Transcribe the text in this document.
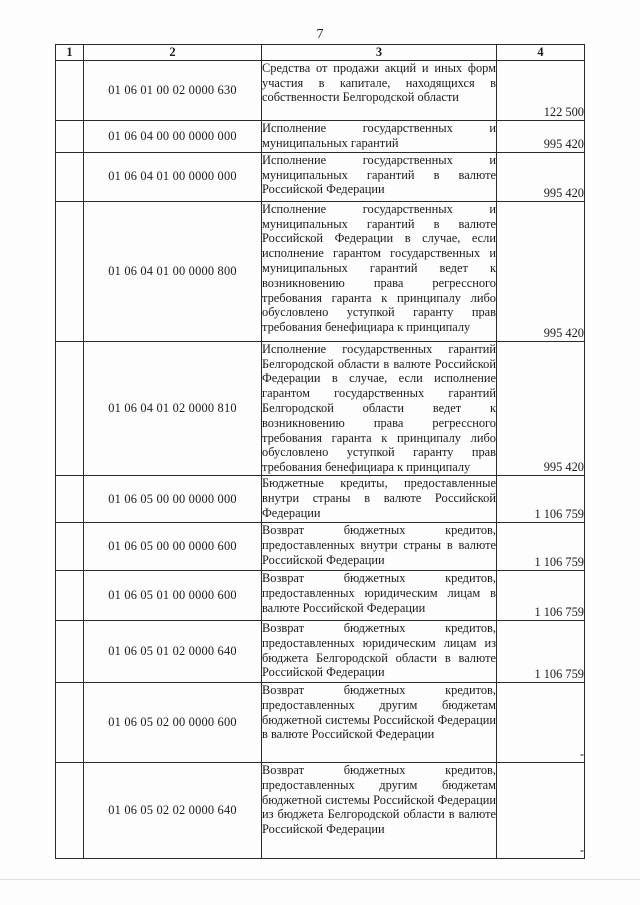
7
1	2	3	4
	01 06 01 00 02 0000 630	Средства от продажи акций и иных форм участия в капитале, находящихся в собственности Белгородской области	122 500
	01 06 04 00 00 0000 000	Исполнение государственных и муниципальных гарантий	995 420
	01 06 04 01 00 0000 000	Исполнение государственных и муниципальных гарантий в валюте Российской Федерации	995 420
	01 06 04 01 00 0000 800	Исполнение государственных и муниципальных гарантий в валюте Российской Федерации в случае, если исполнение гарантом государственных и муниципальных гарантий ведет к возникновению права регрессного требования гаранта к принципалу либо обусловлено уступкой гаранту прав требования бенефициара к принципалу	995 420
	01 06 04 01 02 0000 810	Исполнение государственных гарантий Белгородской области в валюте Российской Федерации в случае, если исполнение гарантом государственных гарантий Белгородской области ведет к возникновению права регрессного требования гаранта к принципалу либо обусловлено уступкой гаранту прав требования бенефициара к принципалу	995 420
	01 06 05 00 00 0000 000	Бюджетные кредиты, предоставленные внутри страны в валюте Российской Федерации	1 106 759
	01 06 05 00 00 0000 600	Возврат бюджетных кредитов, предоставленных внутри страны в валюте Российской Федерации	1 106 759
	01 06 05 01 00 0000 600	Возврат бюджетных кредитов, предоставленных юридическим лицам в валюте Российской Федерации	1 106 759
	01 06 05 01 02 0000 640	Возврат бюджетных кредитов, предоставленных юридическим лицам из бюджета Белгородской области в валюте Российской Федерации	1 106 759
	01 06 05 02 00 0000 600	Возврат бюджетных кредитов, предоставленных другим бюджетам бюджетной системы Российской Федерации в валюте Российской Федерации	-
	01 06 05 02 02 0000 640	Возврат бюджетных кредитов, предоставленных другим бюджетам бюджетной системы Российской Федерации из бюджета Белгородской области в валюте Российской Федерации	-
